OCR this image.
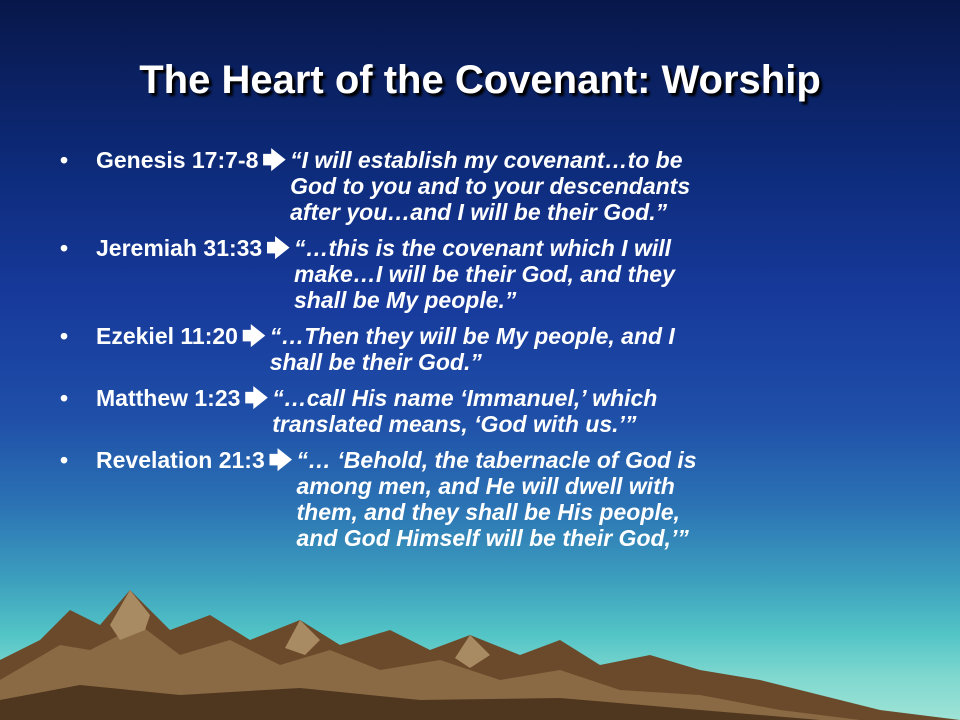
The Heart of the Covenant: Worship
• Genesis 17:7-8 🡆 “I will establish my covenant…to be
God to you and to your descendants
after you…and I will be their God.”
• Jeremiah 31:33 🡆 “…this is the covenant which I will
make…I will be their God, and they
shall be My people.”
• Ezekiel 11:20 🡆 “…Then they will be My people, and I
shall be their God.”
• Matthew 1:23 🡆 “…call His name ‘Immanuel,’ which
translated means, ‘God with us.’”
• Revelation 21:3 🡆 “… ‘Behold, the tabernacle of God is
among men, and He will dwell with
them, and they shall be His people,
and God Himself will be their God,’”
